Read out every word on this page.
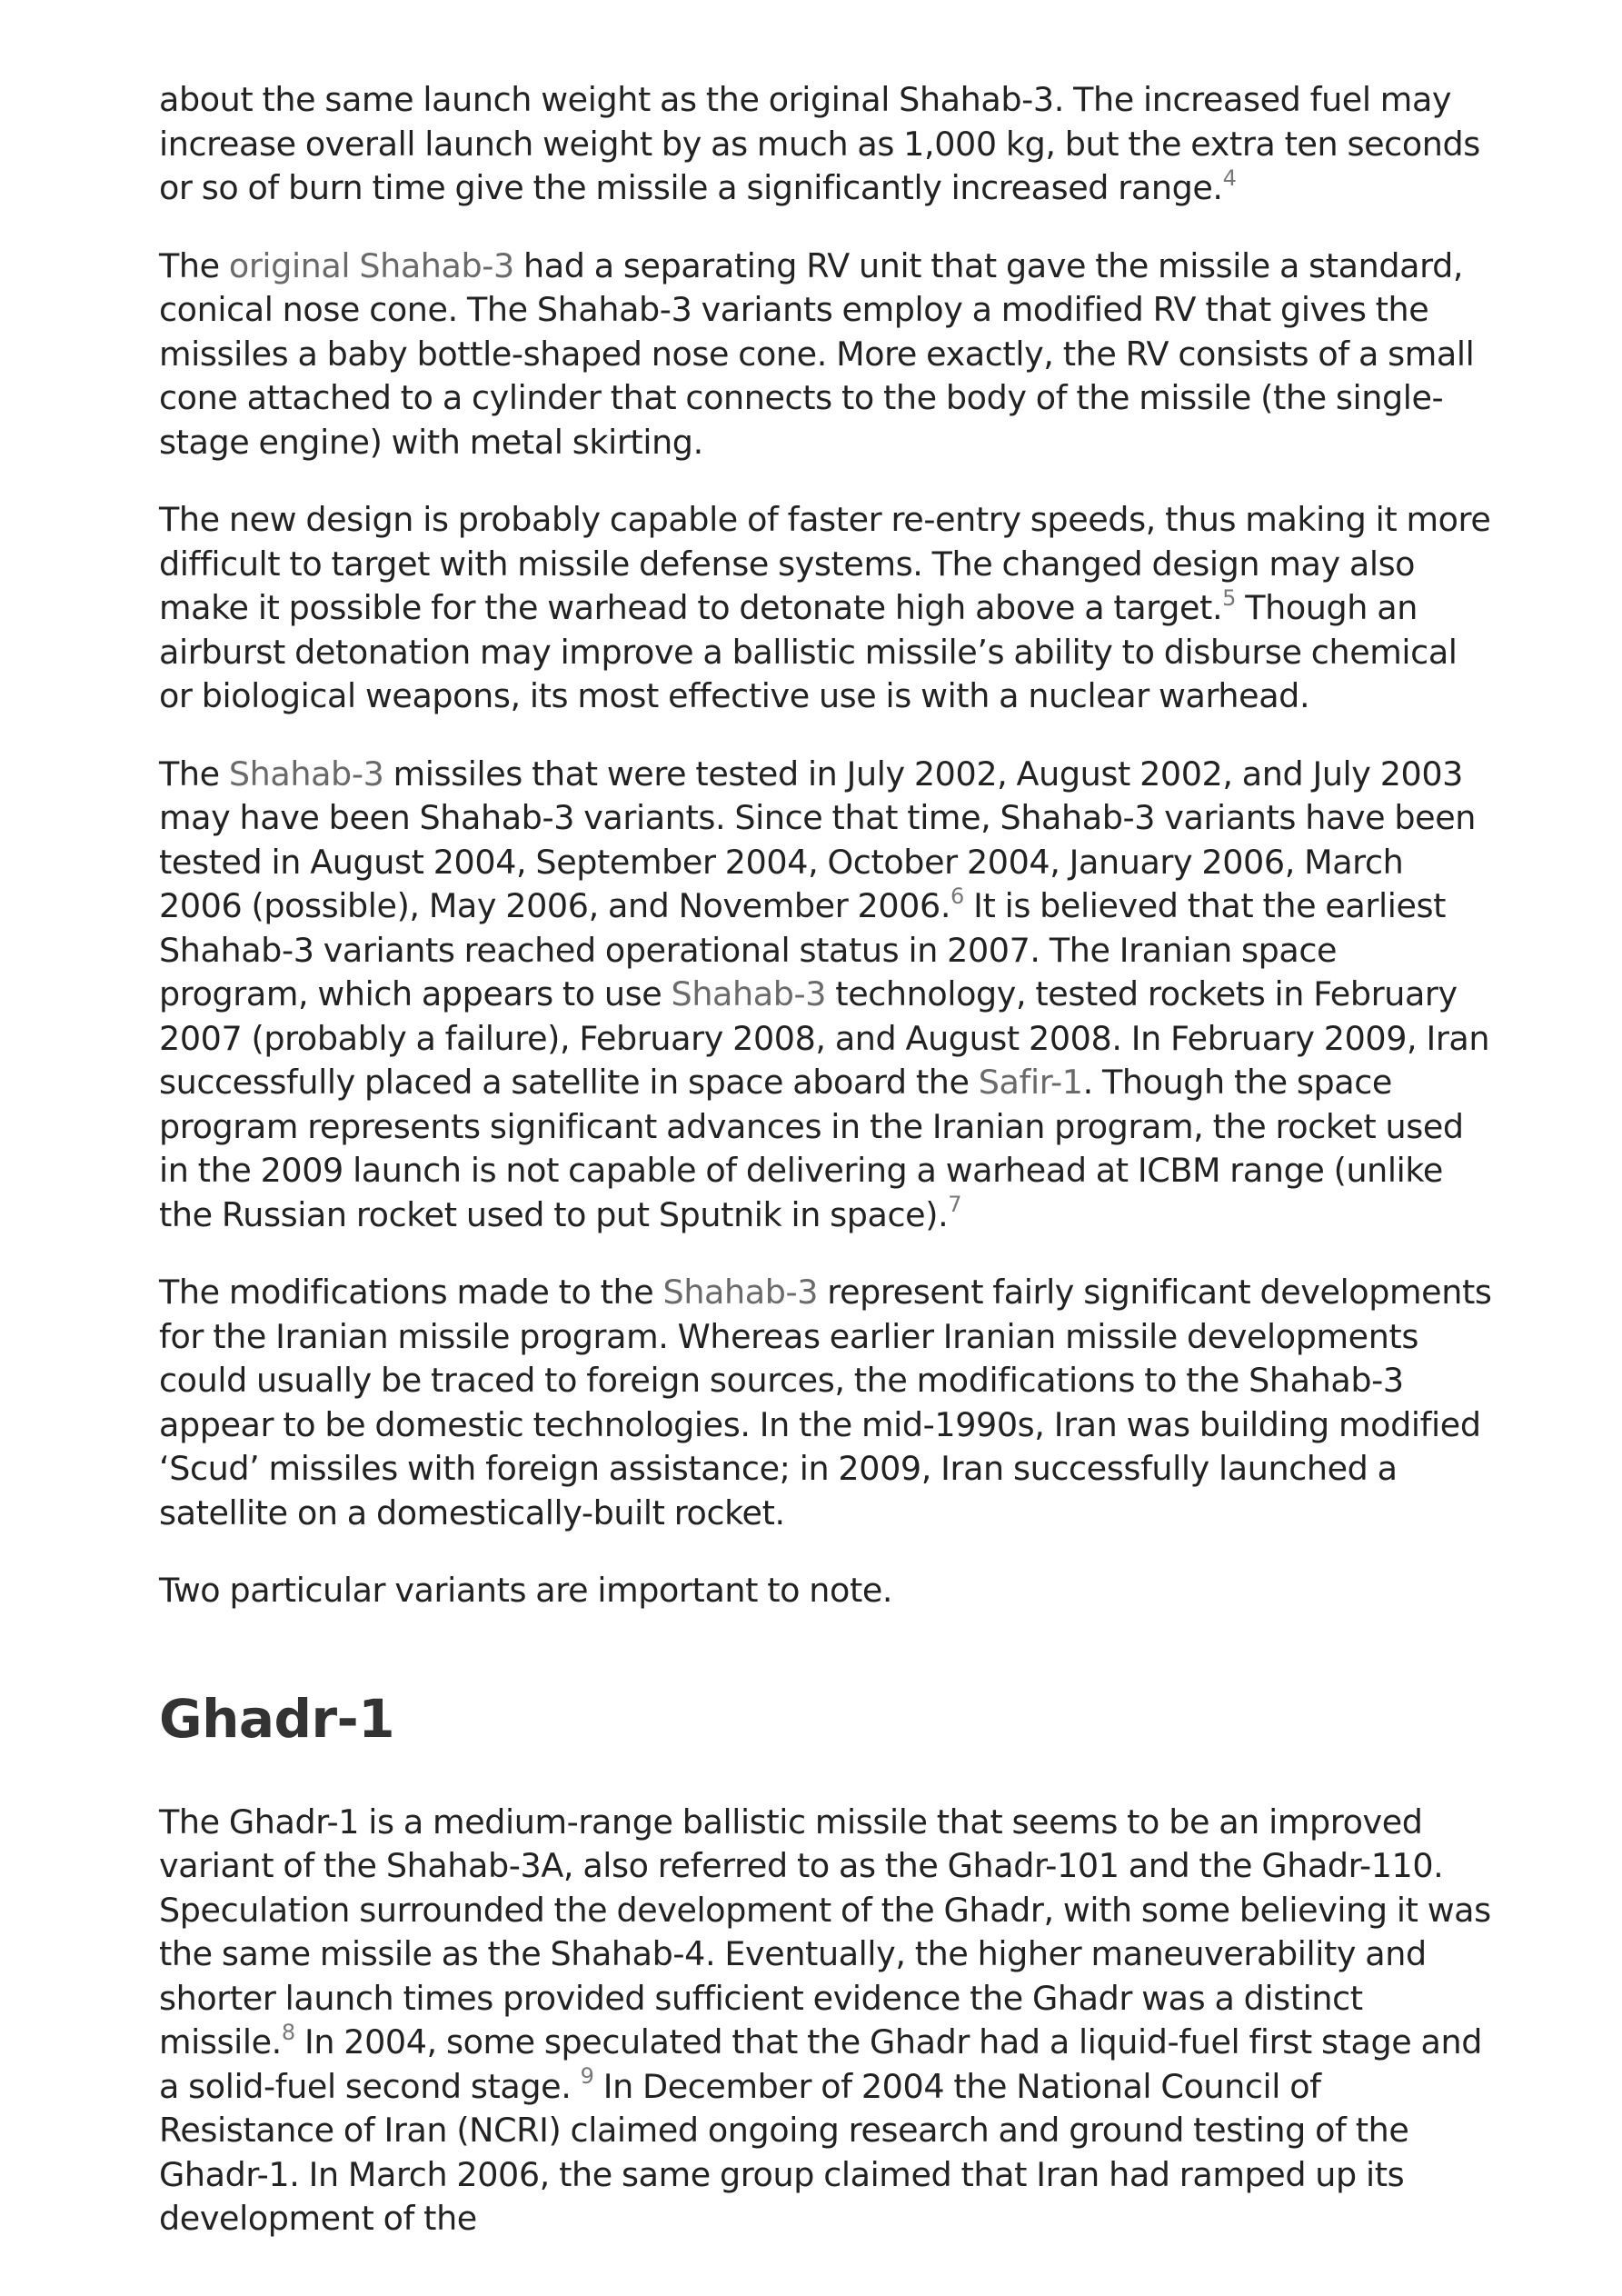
about the same launch weight as the original Shahab-3. The increased fuel may increase overall launch weight by as much as 1,000 kg, but the extra ten seconds or so of burn time give the missile a significantly increased range.$^4$

The original Shahab-3 had a separating RV unit that gave the missile a standard, conical nose cone. The Shahab-3 variants employ a modified RV that gives the missiles a baby bottle-shaped nose cone. More exactly, the RV consists of a small cone attached to a cylinder that connects to the body of the missile (the single-stage engine) with metal skirting.

The new design is probably capable of faster re-entry speeds, thus making it more difficult to target with missile defense systems. The changed design may also make it possible for the warhead to detonate high above a target.$^5$ Though an airburst detonation may improve a ballistic missile’s ability to disburse chemical or biological weapons, its most effective use is with a nuclear warhead.

The Shahab-3 missiles that were tested in July 2002, August 2002, and July 2003 may have been Shahab-3 variants. Since that time, Shahab-3 variants have been tested in August 2004, September 2004, October 2004, January 2006, March 2006 (possible), May 2006, and November 2006.$^6$ It is believed that the earliest Shahab-3 variants reached operational status in 2007. The Iranian space program, which appears to use Shahab-3 technology, tested rockets in February 2007 (probably a failure), February 2008, and August 2008. In February 2009, Iran successfully placed a satellite in space aboard the Safir-1. Though the space program represents significant advances in the Iranian program, the rocket used in the 2009 launch is not capable of delivering a warhead at ICBM range (unlike the Russian rocket used to put Sputnik in space).$^7$

The modifications made to the Shahab-3 represent fairly significant developments for the Iranian missile program. Whereas earlier Iranian missile developments could usually be traced to foreign sources, the modifications to the Shahab-3 appear to be domestic technologies. In the mid-1990s, Iran was building modified ‘Scud’ missiles with foreign assistance; in 2009, Iran successfully launched a satellite on a domestically-built rocket.

Two particular variants are important to note.

Ghadr-1

The Ghadr-1 is a medium-range ballistic missile that seems to be an improved variant of the Shahab-3A, also referred to as the Ghadr-101 and the Ghadr-110. Speculation surrounded the development of the Ghadr, with some believing it was the same missile as the Shahab-4. Eventually, the higher maneuverability and shorter launch times provided sufficient evidence the Ghadr was a distinct missile.$^8$ In 2004, some speculated that the Ghadr had a liquid-fuel first stage and a solid-fuel second stage. $^9$ In December of 2004 the National Council of Resistance of Iran (NCRI) claimed ongoing research and ground testing of the Ghadr-1. In March 2006, the same group claimed that Iran had ramped up its development of the
